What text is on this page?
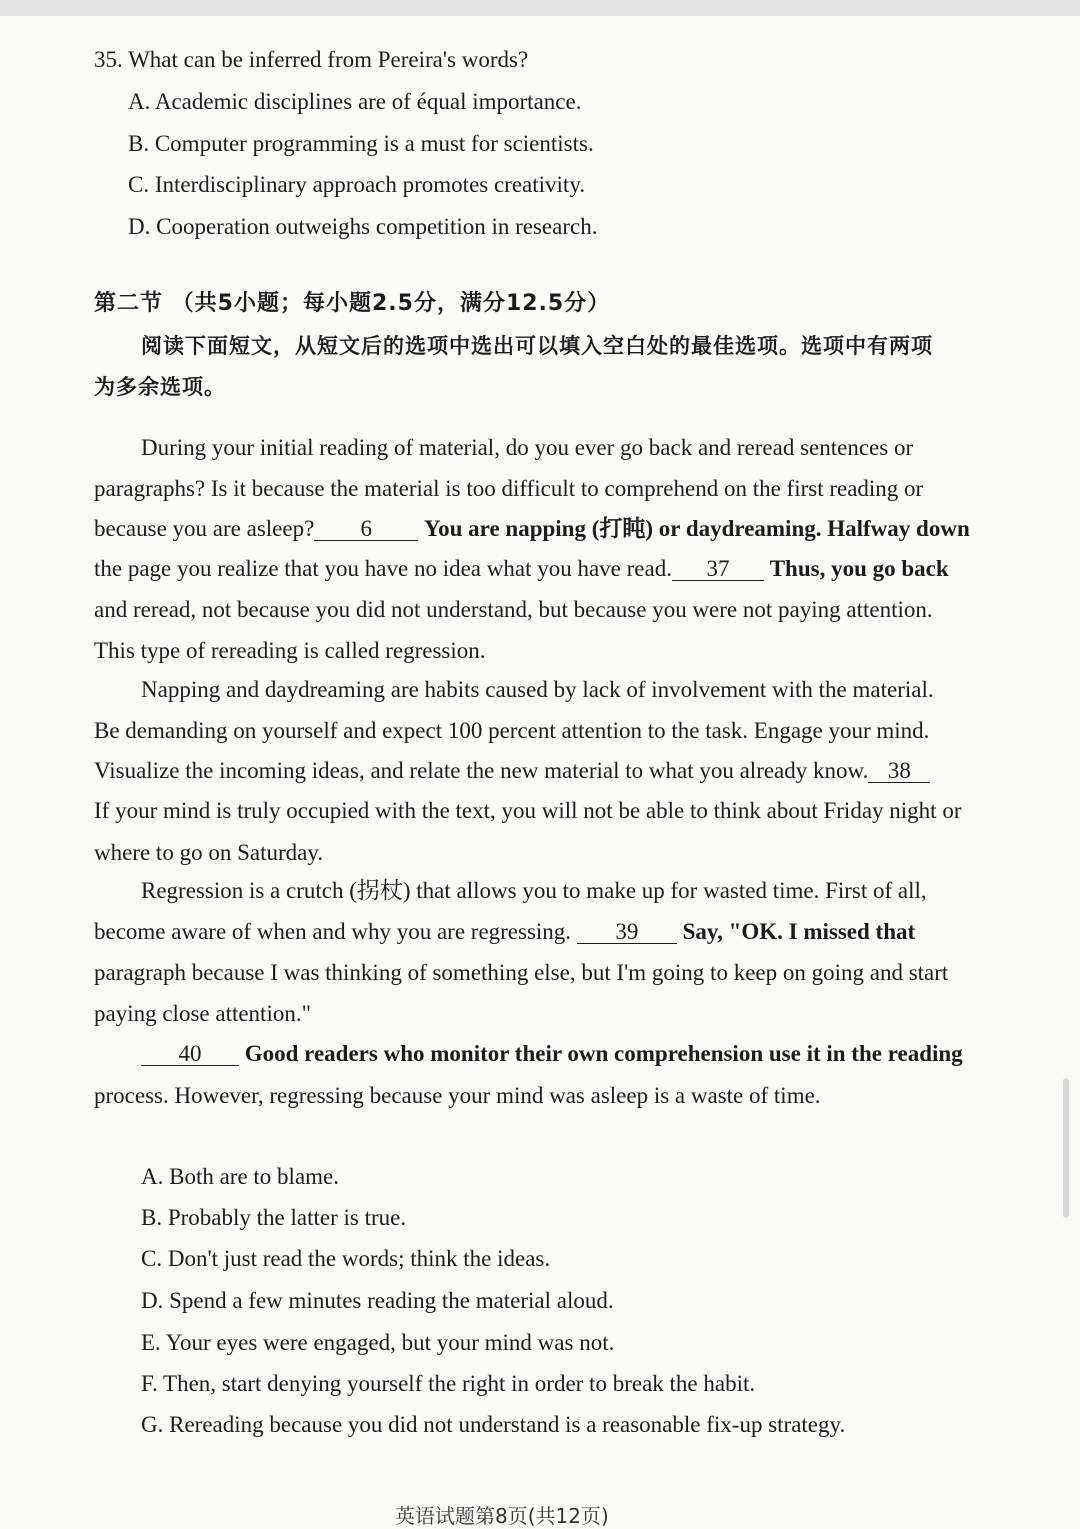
35. What can be inferred from Pereira's words?
A. Academic disciplines are of équal importance.
B. Computer programming is a must for scientists.
C. Interdisciplinary approach promotes creativity.
D. Cooperation outweighs competition in research.
第二节 （共5小题；每小题2.5分，满分12.5分）
阅读下面短文，从短文后的选项中选出可以填入空白处的最佳选项。选项中有两项
为多余选项。
During your initial reading of material, do you ever go back and reread sentences or
paragraphs? Is it because the material is too difficult to comprehend on the first reading or
because you are asleep? 6 You are napping (打盹) or daydreaming. Halfway down
the page you realize that you have no idea what you have read. 37 Thus, you go back
and reread, not because you did not understand, but because you were not paying attention.
This type of rereading is called regression.
Napping and daydreaming are habits caused by lack of involvement with the material.
Be demanding on yourself and expect 100 percent attention to the task. Engage your mind.
Visualize the incoming ideas, and relate the new material to what you already know. 38
If your mind is truly occupied with the text, you will not be able to think about Friday night or
where to go on Saturday.
Regression is a crutch (拐杖) that allows you to make up for wasted time. First of all,
become aware of when and why you are regressing. 39 Say, "OK. I missed that
paragraph because I was thinking of something else, but I'm going to keep on going and start
paying close attention."
40 Good readers who monitor their own comprehension use it in the reading
process. However, regressing because your mind was asleep is a waste of time.
A. Both are to blame.
B. Probably the latter is true.
C. Don't just read the words; think the ideas.
D. Spend a few minutes reading the material aloud.
E. Your eyes were engaged, but your mind was not.
F. Then, start denying yourself the right in order to break the habit.
G. Rereading because you did not understand is a reasonable fix-up strategy.
英语试题第8页(共12页)
